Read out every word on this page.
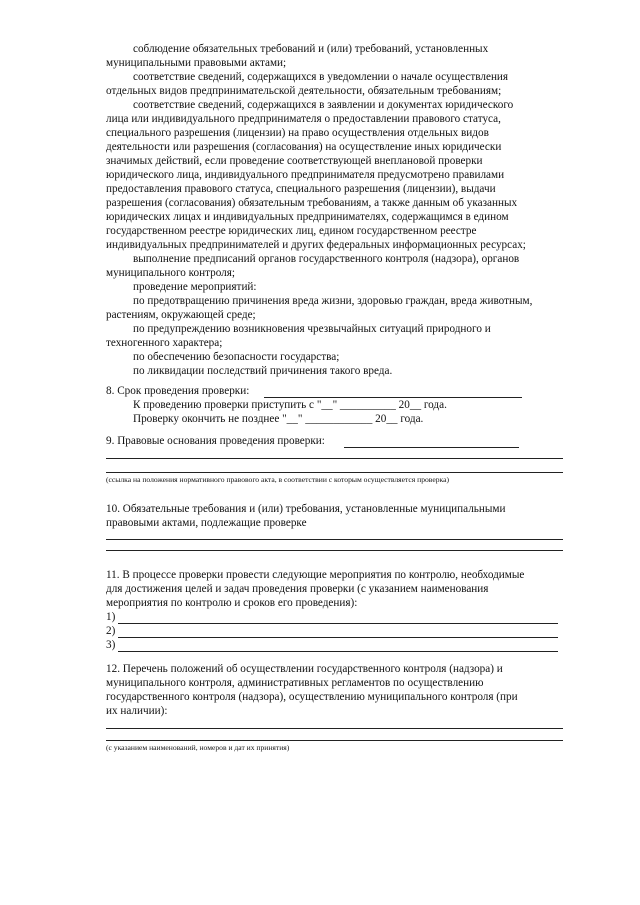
соблюдение обязательных требований и (или) требований, установленных
муниципальными правовыми актами;
соответствие сведений, содержащихся в уведомлении о начале осуществления
отдельных видов предпринимательской деятельности, обязательным требованиям;
соответствие сведений, содержащихся в заявлении и документах юридического
лица или индивидуального предпринимателя о предоставлении правового статуса,
специального разрешения (лицензии) на право осуществления отдельных видов
деятельности или разрешения (согласования) на осуществление иных юридически
значимых действий, если проведение соответствующей внеплановой проверки
юридического лица, индивидуального предпринимателя предусмотрено правилами
предоставления правового статуса, специального разрешения (лицензии), выдачи
разрешения (согласования) обязательным требованиям, а также данным об указанных
юридических лицах и индивидуальных предпринимателях, содержащимся в едином
государственном реестре юридических лиц, едином государственном реестре
индивидуальных предпринимателей и других федеральных информационных ресурсах;
выполнение предписаний органов государственного контроля (надзора), органов
муниципального контроля;
проведение мероприятий:
по предотвращению причинения вреда жизни, здоровью граждан, вреда животным,
растениям, окружающей среде;
по предупреждению возникновения чрезвычайных ситуаций природного и
техногенного характера;
по обеспечению безопасности государства;
по ликвидации последствий причинения такого вреда.
8. Срок проведения проверки:
К проведению проверки приступить с "__" __________ 20__ года.
Проверку окончить не позднее "__" ____________ 20__ года.
9. Правовые основания проведения проверки:
(ссылка на положения нормативного правового акта, в соответствии с которым осуществляется проверка)
10. Обязательные требования и (или) требования, установленные муниципальными
правовыми актами, подлежащие проверке
11. В процессе проверки провести следующие мероприятия по контролю, необходимые
для достижения целей и задач проведения проверки (с указанием наименования
мероприятия по контролю и сроков его проведения):
1)
2)
3)
12. Перечень положений об осуществлении государственного контроля (надзора) и
муниципального контроля, административных регламентов по осуществлению
государственного контроля (надзора), осуществлению муниципального контроля (при
их наличии):
(с указанием наименований, номеров и дат их принятия)
